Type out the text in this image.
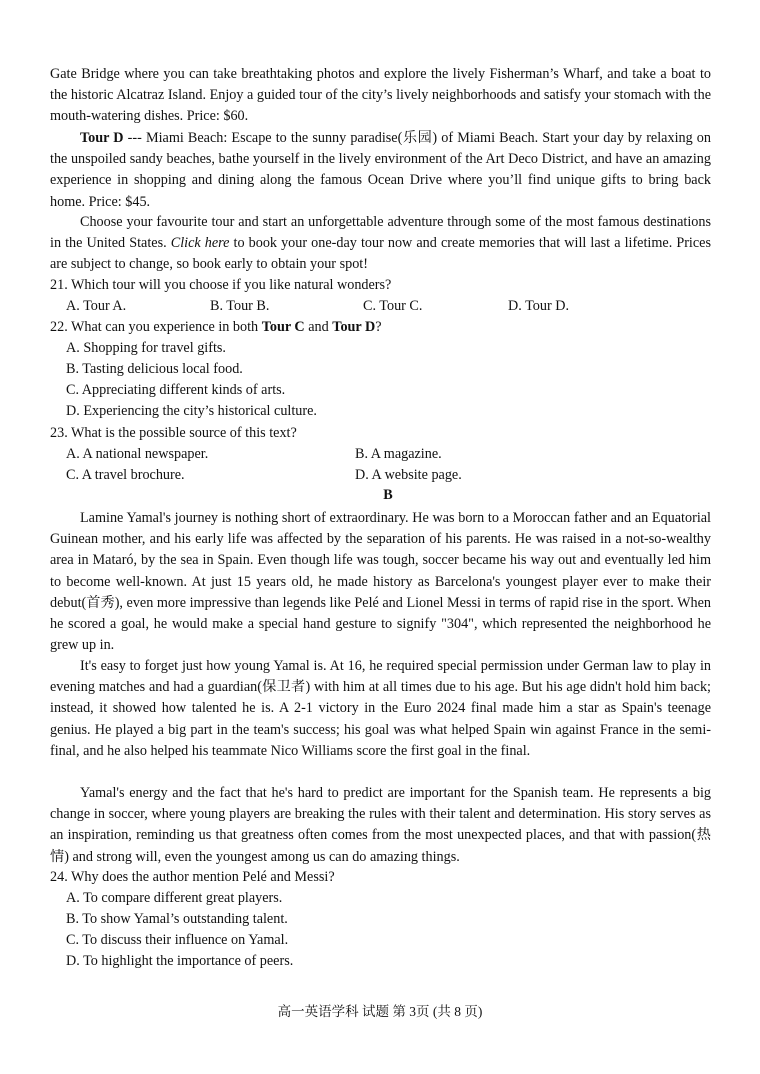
Gate Bridge where you can take breathtaking photos and explore the lively Fisherman’s Wharf, and take a boat to the historic Alcatraz Island. Enjoy a guided tour of the city’s lively neighborhoods and satisfy your stomach with the mouth-watering dishes. Price: $60.

Tour D --- Miami Beach: Escape to the sunny paradise(乐园) of Miami Beach. Start your day by relaxing on the unspoiled sandy beaches, bathe yourself in the lively environment of the Art Deco District, and have an amazing experience in shopping and dining along the famous Ocean Drive where you’ll find unique gifts to bring back home. Price: $45.

Choose your favourite tour and start an unforgettable adventure through some of the most famous destinations in the United States. Click here to book your one-day tour now and create memories that will last a lifetime. Prices are subject to change, so book early to obtain your spot!

21. Which tour will you choose if you like natural wonders?
A. Tour A.	B. Tour B.	C. Tour C.	D. Tour D.
22. What can you experience in both Tour C and Tour D?
A. Shopping for travel gifts.
B. Tasting delicious local food.
C. Appreciating different kinds of arts.
D. Experiencing the city’s historical culture.
23. What is the possible source of this text?
A. A national newspaper.	B. A magazine.
C. A travel brochure.	D. A website page.
B

Lamine Yamal's journey is nothing short of extraordinary. He was born to a Moroccan father and an Equatorial Guinean mother, and his early life was affected by the separation of his parents. He was raised in a not-so-wealthy area in Mataró, by the sea in Spain. Even though life was tough, soccer became his way out and eventually led him to become well-known. At just 15 years old, he made history as Barcelona's youngest player ever to make their debut(首秀), even more impressive than legends like Pelé and Lionel Messi in terms of rapid rise in the sport. When he scored a goal, he would make a special hand gesture to signify "304", which represented the neighborhood he grew up in.

It's easy to forget just how young Yamal is. At 16, he required special permission under German law to play in evening matches and had a guardian(保卫者) with him at all times due to his age. But his age didn't hold him back; instead, it showed how talented he is. A 2-1 victory in the Euro 2024 final made him a star as Spain's teenage genius. He played a big part in the team's success; his goal was what helped Spain win against France in the semi-final, and he also helped his teammate Nico Williams score the first goal in the final.

Yamal's energy and the fact that he's hard to predict are important for the Spanish team. He represents a big change in soccer, where young players are breaking the rules with their talent and determination. His story serves as an inspiration, reminding us that greatness often comes from the most unexpected places, and that with passion(热情) and strong will, even the youngest among us can do amazing things.

24. Why does the author mention Pelé and Messi?
A. To compare different great players.
B. To show Yamal’s outstanding talent.
C. To discuss their influence on Yamal.
D. To highlight the importance of peers.
高一英语学科 试题 第 3页 (共 8 页)
